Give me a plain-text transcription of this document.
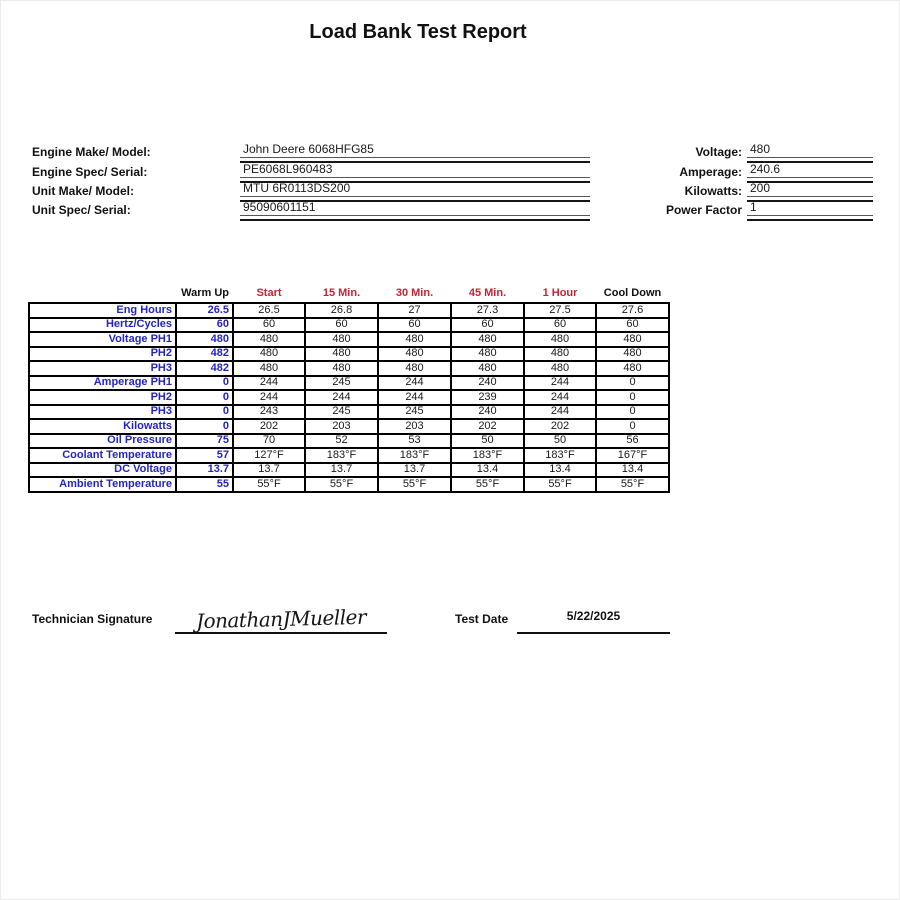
Load Bank Test Report
Engine Make/ Model:	John Deere 6068HFG85
Engine Spec/ Serial:	PE6068L960483
Unit Make/ Model:	MTU 6R0113DS200
Unit Spec/ Serial:	95090601151
Voltage: 480
Amperage: 240.6
Kilowatts: 200
Power Factor 1
	Warm Up	Start	15 Min.	30 Min.	45 Min.	1 Hour	Cool Down
Eng Hours	26.5	26.5	26.8	27	27.3	27.5	27.6
Hertz/Cycles	60	60	60	60	60	60	60
Voltage PH1	480	480	480	480	480	480	480
PH2	482	480	480	480	480	480	480
PH3	482	480	480	480	480	480	480
Amperage PH1	0	244	245	244	240	244	0
PH2	0	244	244	244	239	244	0
PH3	0	243	245	245	240	244	0
Kilowatts	0	202	203	203	202	202	0
Oil Pressure	75	70	52	53	50	50	56
Coolant Temperature	57	127°F	183°F	183°F	183°F	183°F	167°F
DC Voltage	13.7	13.7	13.7	13.7	13.4	13.4	13.4
Ambient Temperature	55	55°F	55°F	55°F	55°F	55°F	55°F
Technician Signature	JonathanJMueller	Test Date	5/22/2025
